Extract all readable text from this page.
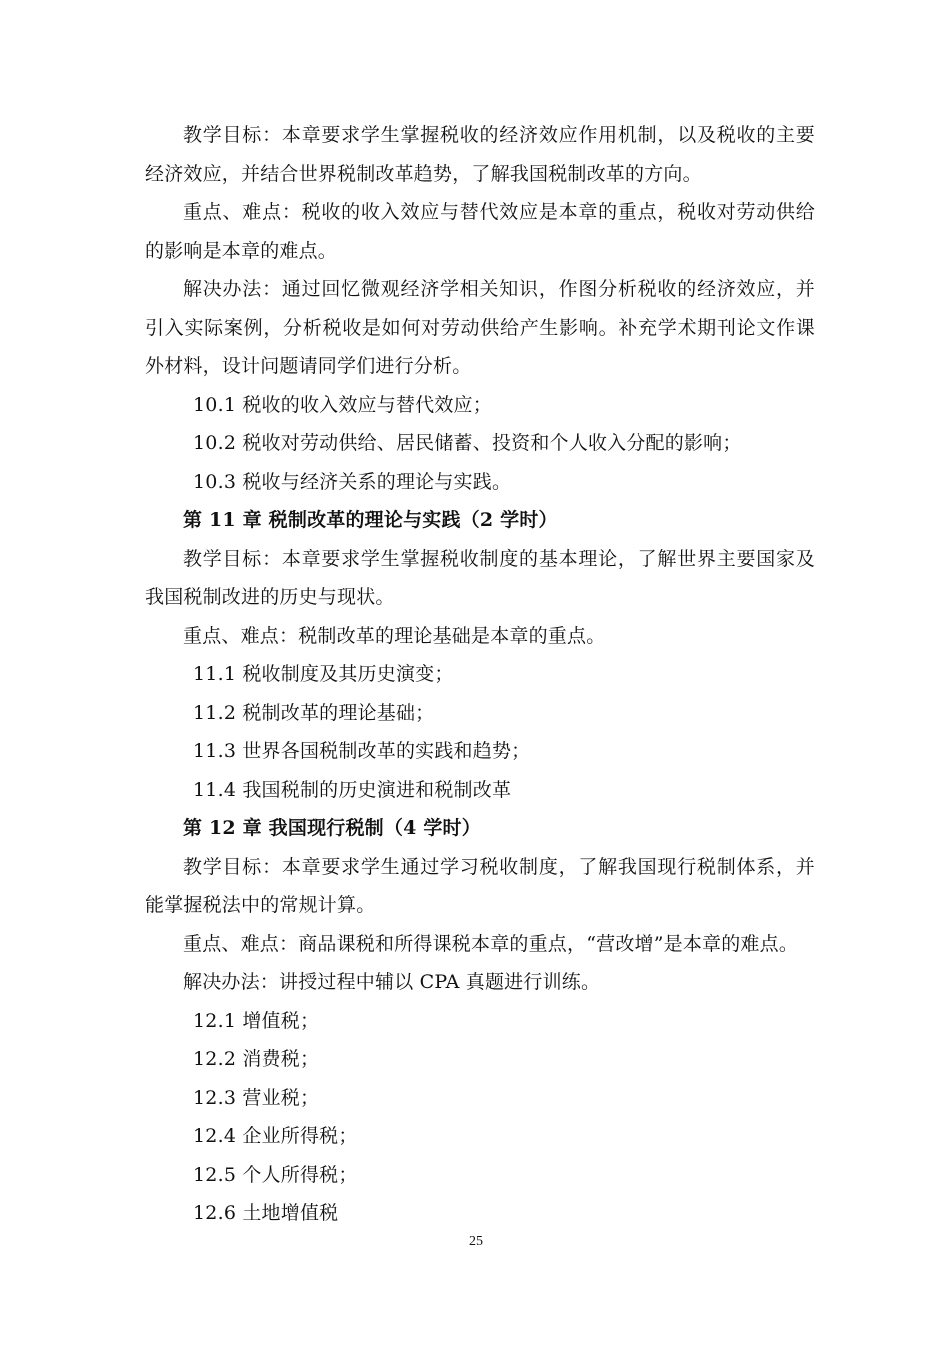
教学目标：本章要求学生掌握税收的经济效应作用机制，以及税收的主要经济效应，并结合世界税制改革趋势，了解我国税制改革的方向。

重点、难点：税收的收入效应与替代效应是本章的重点，税收对劳动供给的影响是本章的难点。

解决办法：通过回忆微观经济学相关知识，作图分析税收的经济效应，并引入实际案例，分析税收是如何对劳动供给产生影响。补充学术期刊论文作课外材料，设计问题请同学们进行分析。

10.1 税收的收入效应与替代效应；

10.2 税收对劳动供给、居民储蓄、投资和个人收入分配的影响；

10.3 税收与经济关系的理论与实践。

第 11 章 税制改革的理论与实践（2 学时）

教学目标：本章要求学生掌握税收制度的基本理论，了解世界主要国家及我国税制改进的历史与现状。

重点、难点：税制改革的理论基础是本章的重点。

11.1 税收制度及其历史演变；

11.2 税制改革的理论基础；

11.3 世界各国税制改革的实践和趋势；

11.4 我国税制的历史演进和税制改革

第 12 章 我国现行税制（4 学时）

教学目标：本章要求学生通过学习税收制度，了解我国现行税制体系，并能掌握税法中的常规计算。

重点、难点：商品课税和所得课税本章的重点，“营改增”是本章的难点。

解决办法：讲授过程中辅以 CPA 真题进行训练。

12.1 增值税；

12.2 消费税；

12.3 营业税；

12.4 企业所得税；

12.5 个人所得税；

12.6 土地增值税

25
